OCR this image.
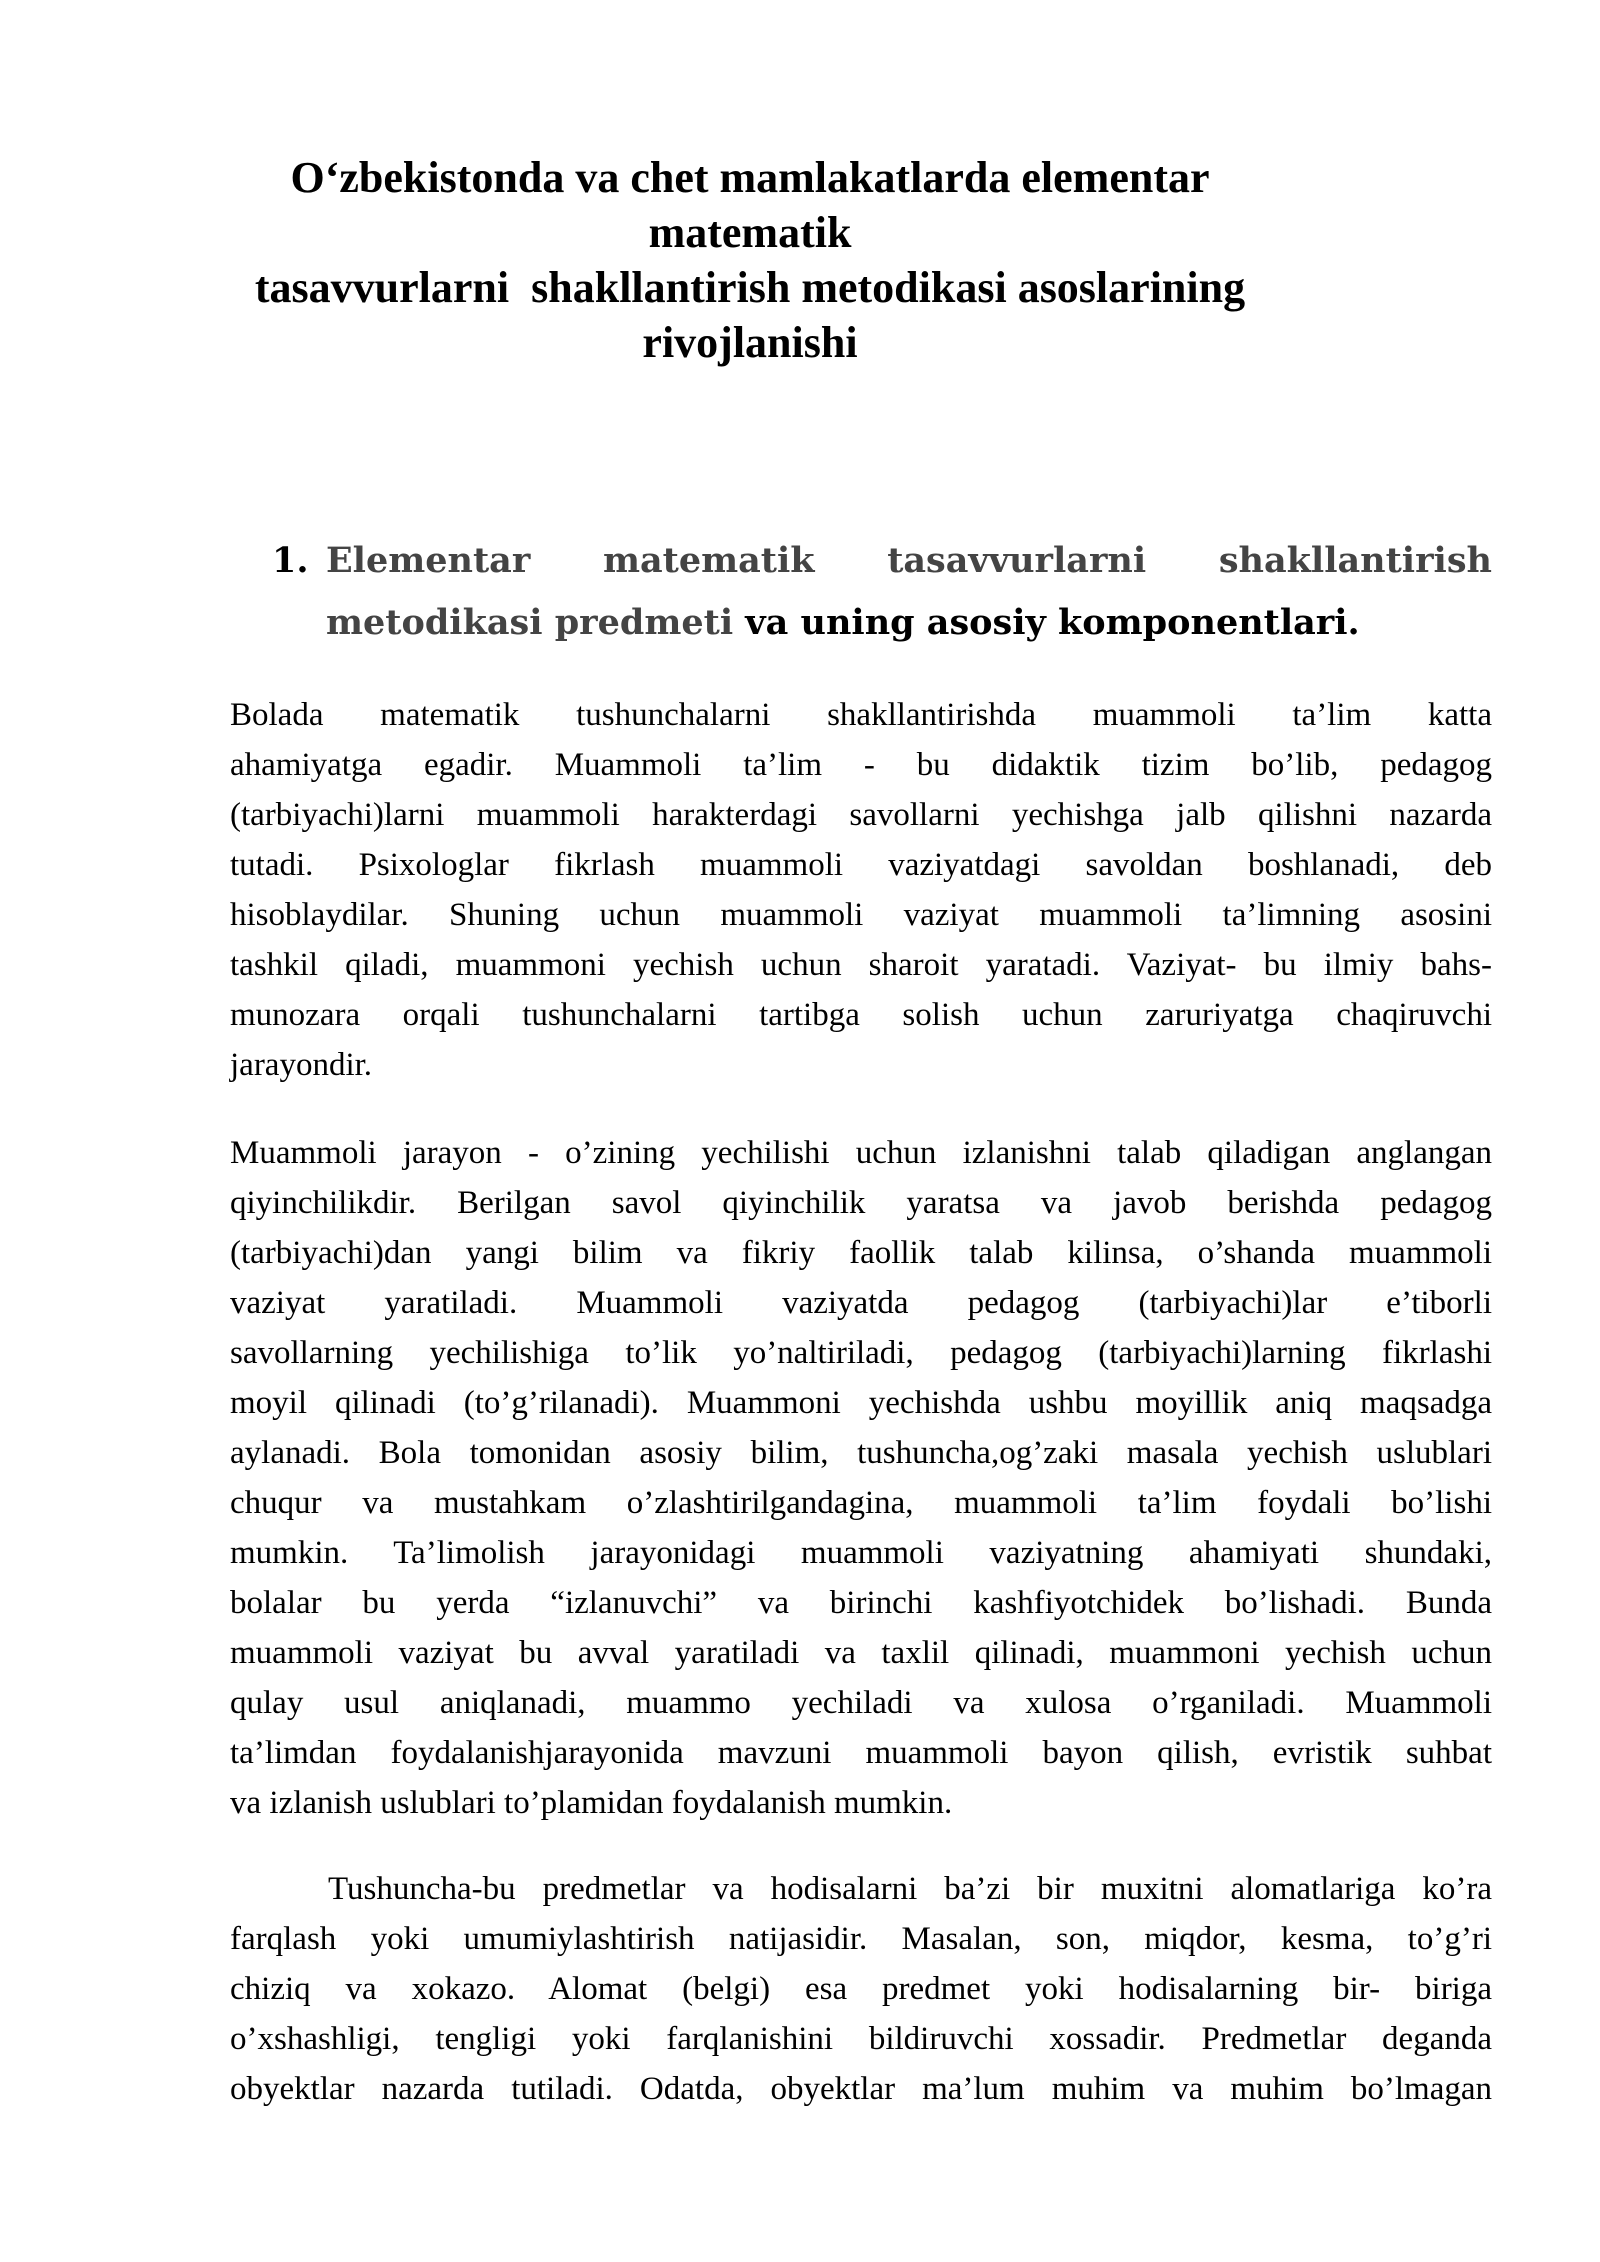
O‘zbekistonda va chet mamlakatlarda elementar matematik
tasavvurlarni  shakllantirish metodikasi asoslarining
rivojlanishi
1. Elementar matematik tasavvurlarni shakllantirish
metodikasi predmeti va uning asosiy komponentlari.

Bolada matematik tushunchalarni shakllantirishda muammoli ta’lim katta
ahamiyatga egadir. Muammoli ta’lim - bu didaktik tizim bo’lib, pedagog
(tarbiyachi)larni muammoli harakterdagi savollarni yechishga jalb qilishni nazarda
tutadi. Psixologlar fikrlash muammoli vaziyatdagi savoldan boshlanadi, deb
hisoblaydilar. Shuning uchun muammoli vaziyat muammoli ta’limning asosini
tashkil qiladi, muammoni yechish uchun sharoit yaratadi. Vaziyat- bu ilmiy bahs-
munozara orqali tushunchalarni tartibga solish uchun zaruriyatga chaqiruvchi
jarayondir.

Muammoli jarayon - o’zining yechilishi uchun izlanishni talab qiladigan anglangan
qiyinchilikdir. Berilgan savol qiyinchilik yaratsa va javob berishda pedagog
(tarbiyachi)dan yangi bilim va fikriy faollik talab kilinsa, o’shanda muammoli
vaziyat yaratiladi. Muammoli vaziyatda pedagog (tarbiyachi)lar e’tiborli
savollarning yechilishiga to’lik yo’naltiriladi, pedagog (tarbiyachi)larning fikrlashi
moyil qilinadi (to’g’rilanadi). Muammoni yechishda ushbu moyillik aniq maqsadga
aylanadi. Bola tomonidan asosiy bilim, tushuncha,og’zaki masala yechish uslublari
chuqur va mustahkam o’zlashtirilgandagina, muammoli ta’lim foydali bo’lishi
mumkin. Ta’limolish jarayonidagi muammoli vaziyatning ahamiyati shundaki,
bolalar bu yerda “izlanuvchi” va birinchi kashfiyotchidek bo’lishadi. Bunda
muammoli vaziyat bu avval yaratiladi va taxlil qilinadi, muammoni yechish uchun
qulay usul aniqlanadi, muammo yechiladi va xulosa o’rganiladi. Muammoli
ta’limdan foydalanishjarayonida mavzuni muammoli bayon qilish, evristik suhbat
va izlanish uslublari to’plamidan foydalanish mumkin.

Tushuncha-bu predmetlar va hodisalarni ba’zi bir muxitni alomatlariga ko’ra
farqlash yoki umumiylashtirish natijasidir. Masalan, son, miqdor, kesma, to’g’ri
chiziq va xokazo. Alomat (belgi) esa predmet yoki hodisalarning bir- biriga
o’xshashligi, tengligi yoki farqlanishini bildiruvchi xossadir. Predmetlar deganda
obyektlar nazarda tutiladi. Odatda, obyektlar ma’lum muhim va muhim bo’lmagan
